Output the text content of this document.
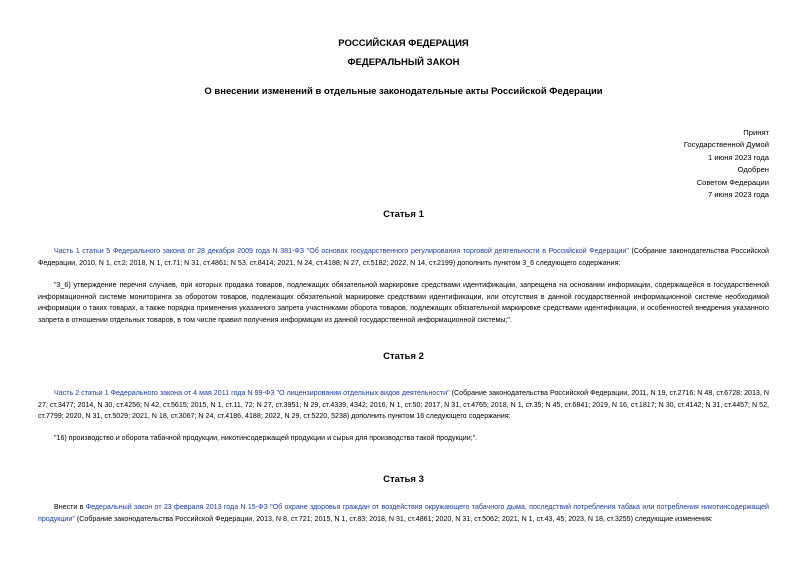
РОССИЙСКАЯ ФЕДЕРАЦИЯ
ФЕДЕРАЛЬНЫЙ ЗАКОН
О внесении изменений в отдельные законодательные акты Российской Федерации
Принят
Государственной Думой
1 июня 2023 года
Одобрен
Советом Федерации
7 июня 2023 года
Статья 1
Часть 1 статьи 5 Федерального закона от 28 декабря 2009 года N 381-ФЗ "Об основах государственного регулирования торговой деятельности в Российской Федерации" (Собрание законодательства Российской Федерации, 2010, N 1, ст.2; 2018, N 1, ст.71; N 31, ст.4861; N 53, ст.8414; 2021, N 24, ст.4188; N 27, ст.5182; 2022, N 14, ст.2199) дополнить пунктом 3_6 следующего содержания:
"3_6) утверждение перечня случаев, при которых продажа товаров, подлежащих обязательной маркировке средствами идентификации, запрещена на основании информации, содержащейся в государственной информационной системе мониторинга за оборотом товаров, подлежащих обязательной маркировке средствами идентификации, или отсутствия в данной государственной информационной системе необходимой информации о таких товарах, а также порядка применения указанного запрета участниками оборота товаров, подлежащих обязательной маркировке средствами идентификации, и особенностей внедрения указанного запрета в отношении отдельных товаров, в том числе правил получения информации из данной государственной информационной системы;".
Статья 2
Часть 2 статьи 1 Федерального закона от 4 мая 2011 года N 99-ФЗ "О лицензировании отдельных видов деятельности" (Собрание законодательства Российской Федерации, 2011, N 19, ст.2716; N 48, ст.6728; 2013, N 27, ст.3477; 2014, N 30, ст.4256; N 42, ст.5615; 2015, N 1, ст.11, 72; N 27, ст.3951; N 29, ст.4339, 4342; 2016, N 1, ст.50; 2017, N 31, ст.4765; 2018, N 1, ст.35; N 45, ст.6841; 2019, N 16, ст.1817; N 30, ст.4142; N 31, ст.4457; N 52, ст.7799; 2020, N 31, ст.5029; 2021, N 18, ст.3067; N 24, ст.4186, 4188; 2022, N 29, ст.5220, 5238) дополнить пунктом 16 следующего содержания:
"16) производство и оборота табачной продукции, никотинсодержащей продукции и сырья для производства такой продукции;".
Статья 3
Внести в Федеральный закон от 23 февраля 2013 года N 15-ФЗ "Об охране здоровья граждан от воздействия окружающего табачного дыма, последствий потребления табака или потребления никотинсодержащей продукции" (Собрание законодательства Российской Федерации, 2013, N 8, ст.721; 2015, N 1, ст.83; 2018, N 31, ст.4861; 2020, N 31, ст.5062; 2021, N 1, ст.43, 45; 2023, N 18, ст.3255) следующие изменения:
